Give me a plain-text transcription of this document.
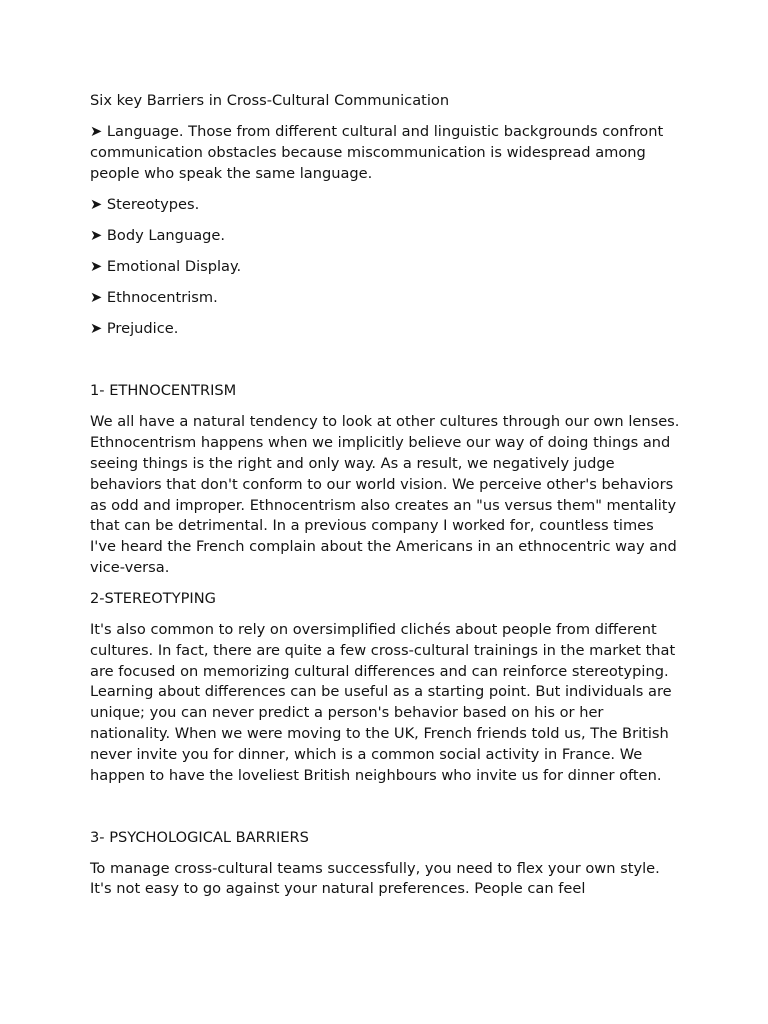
Six key Barriers in Cross-Cultural Communication

➤ Language. Those from different cultural and linguistic backgrounds confront communication obstacles because miscommunication is widespread among people who speak the same language.
➤ Stereotypes.
➤ Body Language.
➤ Emotional Display.
➤ Ethnocentrism.
➤ Prejudice.
1- ETHNOCENTRISM

We all have a natural tendency to look at other cultures through our own lenses. Ethnocentrism happens when we implicitly believe our way of doing things and seeing things is the right and only way. As a result, we negatively judge behaviors that don't conform to our world vision. We perceive other's behaviors as odd and improper. Ethnocentrism also creates an "us versus them" mentality that can be detrimental. In a previous company I worked for, countless times I've heard the French complain about the Americans in an ethnocentric way and vice-versa.

2-STEREOTYPING

It's also common to rely on oversimplified clichés about people from different cultures. In fact, there are quite a few cross-cultural trainings in the market that are focused on memorizing cultural differences and can reinforce stereotyping. Learning about differences can be useful as a starting point. But individuals are unique; you can never predict a person's behavior based on his or her nationality. When we were moving to the UK, French friends told us, The British never invite you for dinner, which is a common social activity in France. We happen to have the loveliest British neighbours who invite us for dinner often.

3- PSYCHOLOGICAL BARRIERS

To manage cross-cultural teams successfully, you need to flex your own style. It's not easy to go against your natural preferences. People can feel
